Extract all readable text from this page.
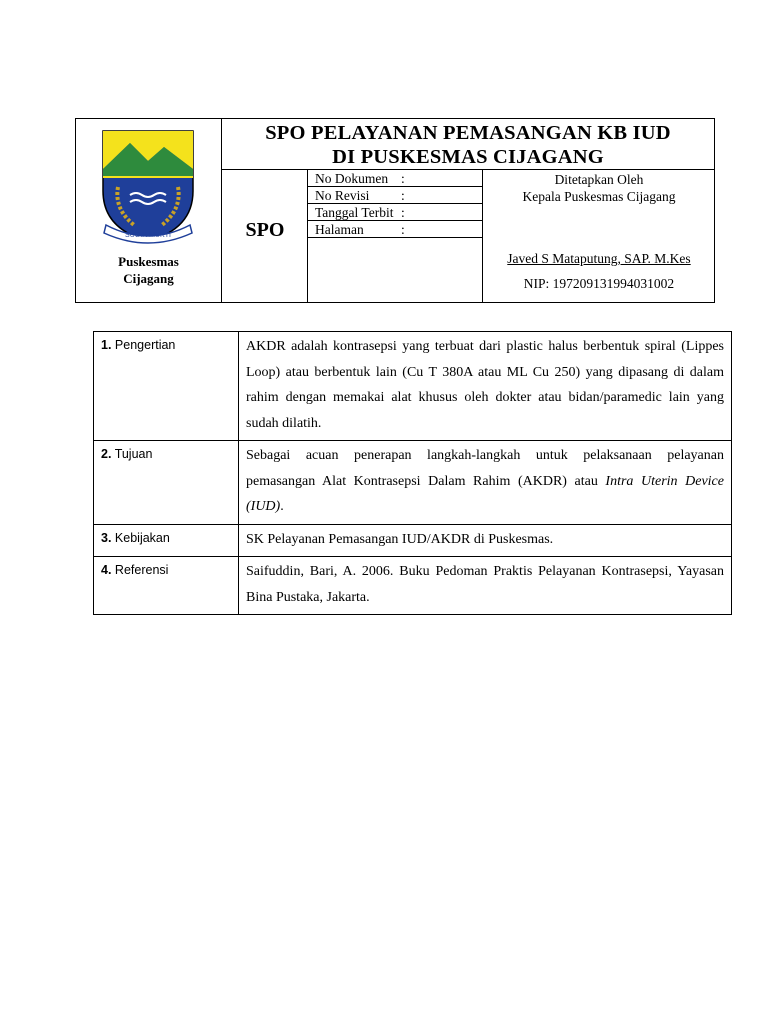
SUGIH MUKTI
Puskesmas
Cijagang
SPO PELAYANAN PEMASANGAN KB IUD
DI PUSKESMAS CIJAGANG
SPO
No Dokumen :
No Revisi :
Tanggal Terbit :
Halaman	:
Ditetapkan Oleh
Kepala Puskesmas Cijagang
Javed S Mataputung, SAP. M.Kes
NIP: 197209131994031002
1. Pengertian	AKDR adalah kontrasepsi yang terbuat dari plastic halus berbentuk spiral (Lippes Loop) atau berbentuk lain (Cu T 380A atau ML Cu 250) yang dipasang di dalam rahim dengan memakai alat khusus oleh dokter atau bidan/paramedic lain yang sudah dilatih.
2. Tujuan	Sebagai acuan penerapan langkah-langkah untuk pelaksanaan pelayanan pemasangan Alat Kontrasepsi Dalam Rahim (AKDR) atau Intra Uterin Device (IUD).
3. Kebijakan	SK Pelayanan Pemasangan IUD/AKDR di Puskesmas.
4. Referensi	Saifuddin, Bari, A. 2006. Buku Pedoman Praktis Pelayanan Kontrasepsi, Yayasan Bina Pustaka, Jakarta.
